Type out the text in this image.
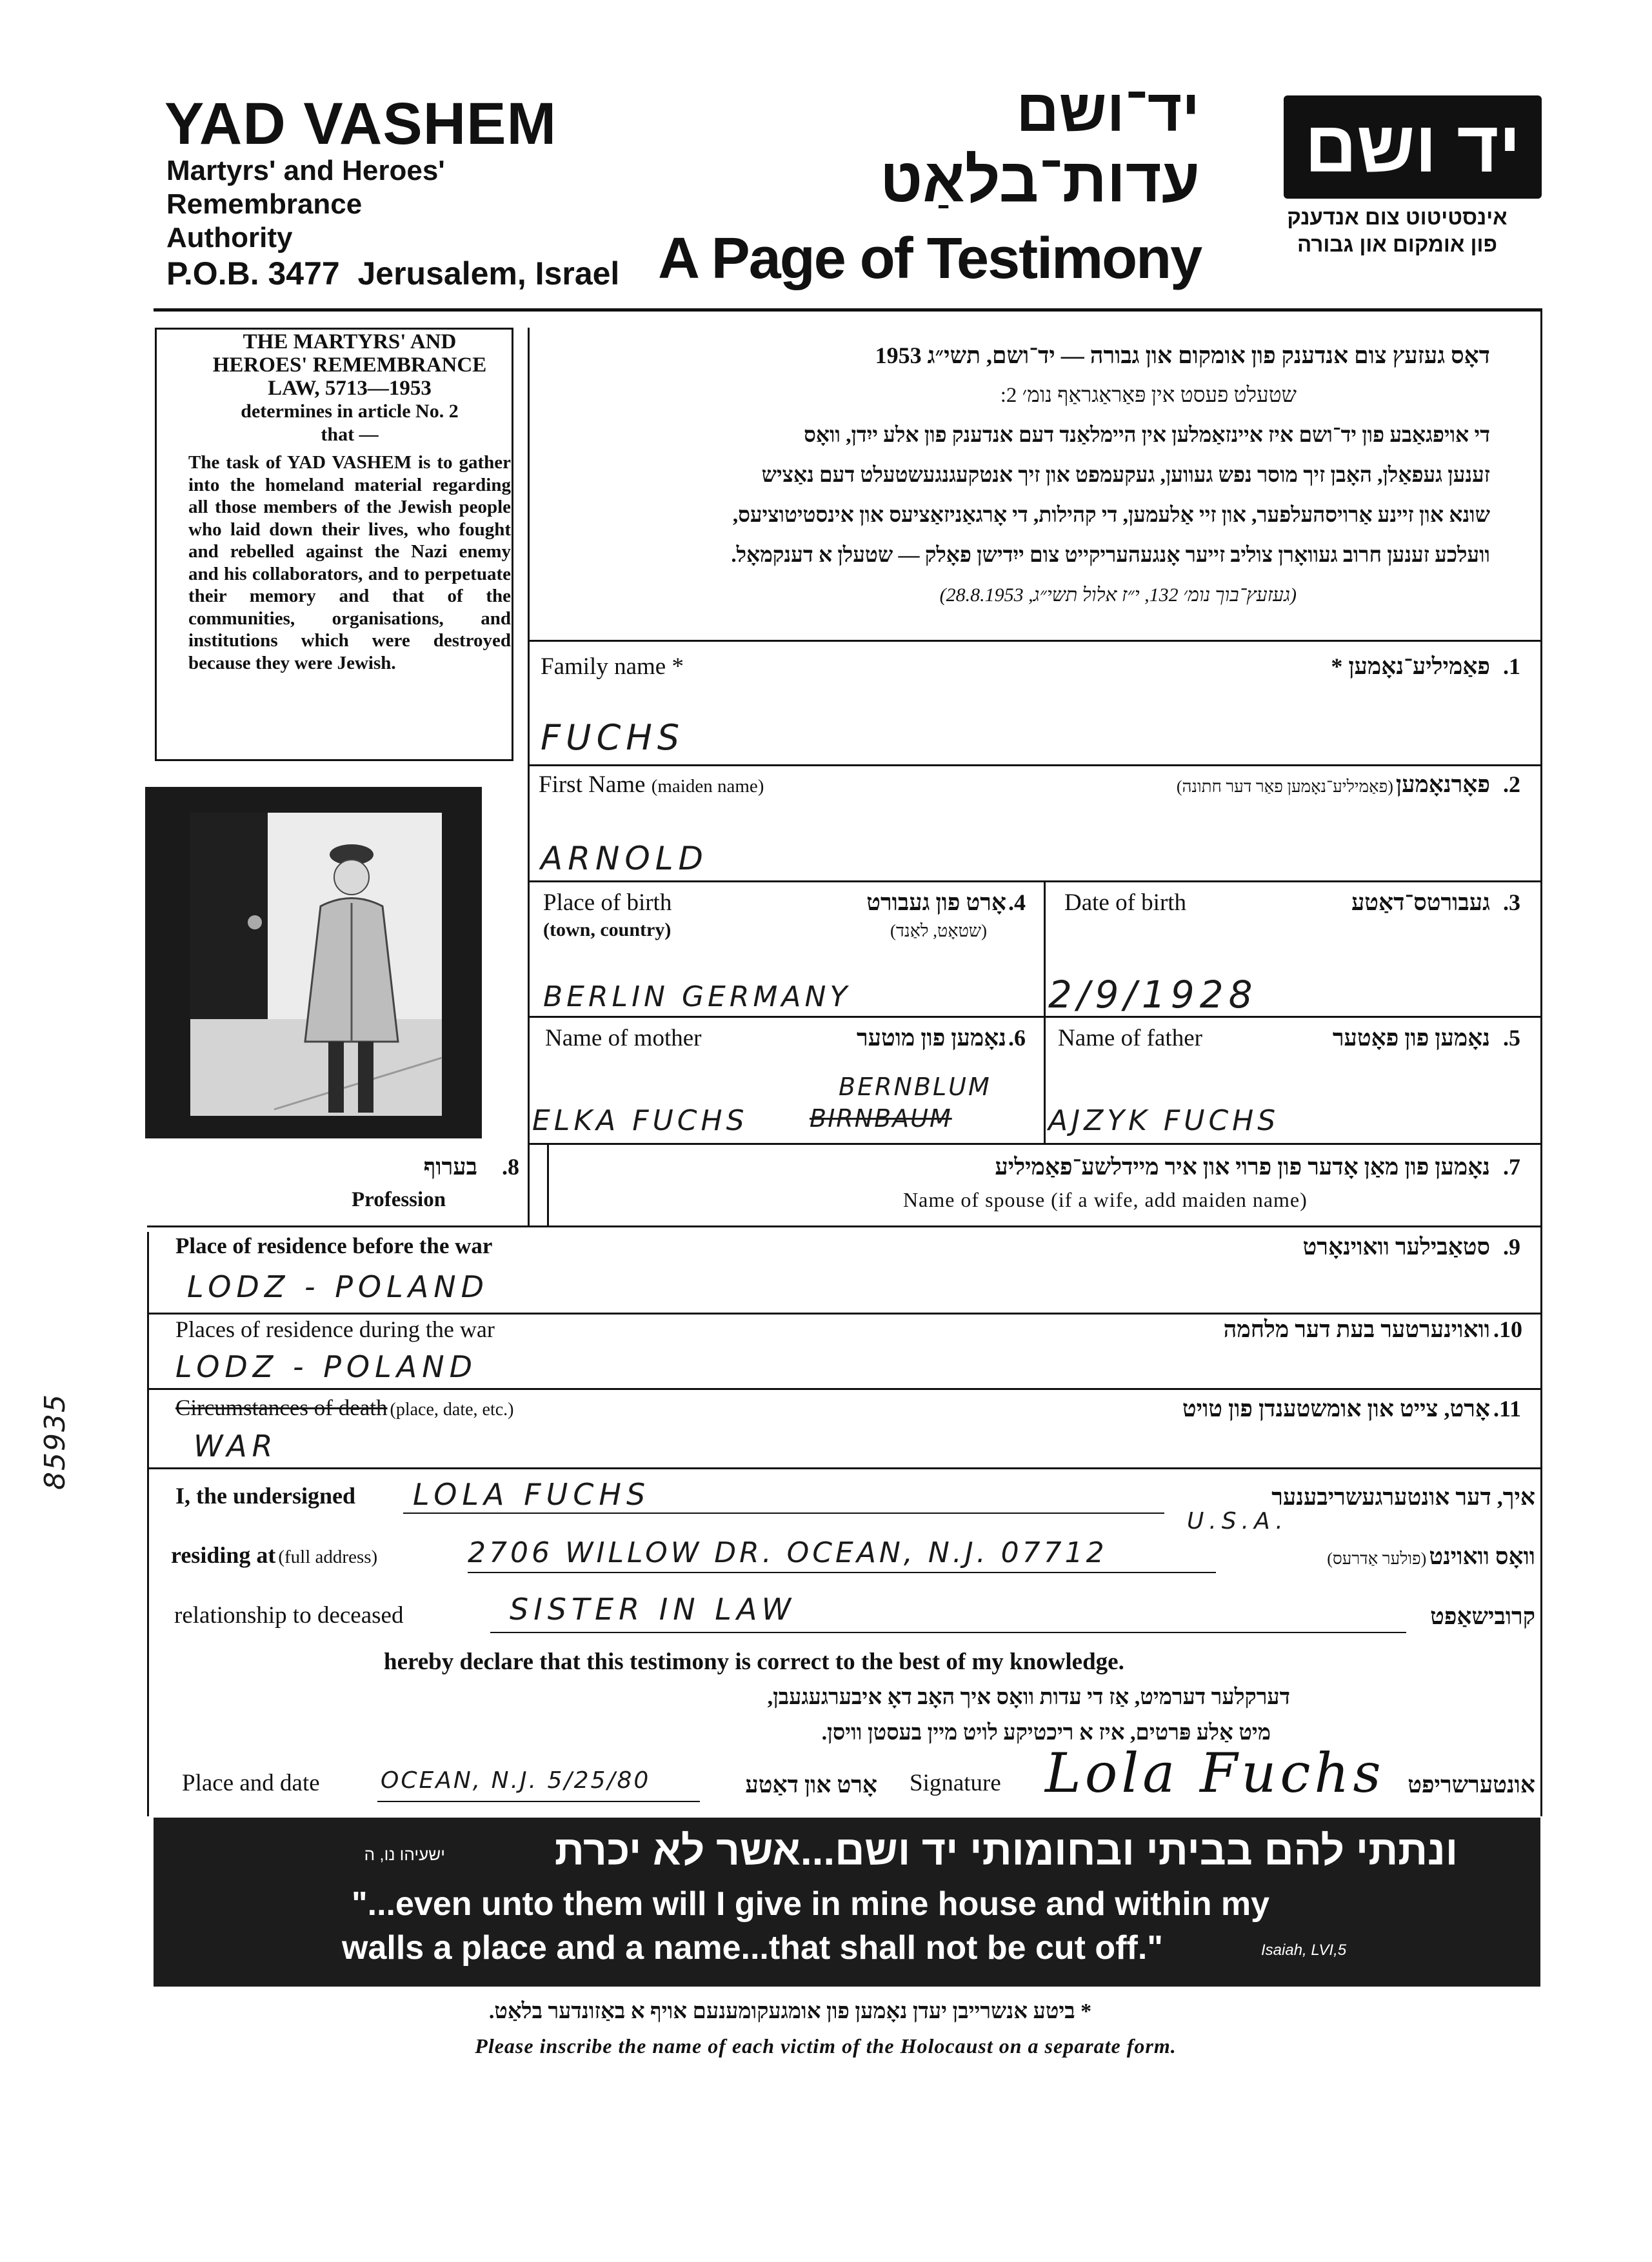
YAD VASHEM
Martyrs' and Heroes'
Remembrance
Authority
P.O.B. 3477  Jerusalem, Israel
יד־ושם
עדות־בלאַט
A Page of Testimony
יד ושם
אינסטיטוט צום אנדענק
פון אומקום און גבורה
THE MARTYRS' AND
HEROES' REMEMBRANCE
LAW, 5713—1953
determines in article No. 2
that —
The task of YAD VASHEM is to gather into the homeland material regarding all those members of the Jewish people who laid down their lives, who fought and rebelled against the Nazi enemy and his collaborators, and to perpetuate their memory and that of the communities, organisations, and institutions which were destroyed because they were Jewish.
דאָס געזעץ צום אנדענק פון אומקום און גבורה — יד־ושם, תשי״ג 1953
שטעלט פעסט אין פּאַראַגראַף נומ׳ 2:
די אויפגאַבע פון יד־ושם איז איינזאַמלען אין היימלאַנד דעם אנדענק פון אלע ייִדן, וואָס
זענען געפאַלן, האָבן זיך מוסר נפש געווען, געקעמפט און זיך אנטקעגנגעשטעלט דעם נאַציש
שונא און זיינע אַרויסהעלפער, און זיי אַלעמען, די קהילות, די אָרגאַניזאַציעס און אינסטיטוציעס,
וועלכע זענען חרוב געוואָרן צוליב זייער אָנגעהעריקייט צום ייִדישן פאָלק — שטעלן א דענקמאָל.
(געזעץ־בוך נומ׳ 132, י״ז אלול תשי״ג, 28.8.1953)
Family name *	פאַמיליע־נאָמען * .1
FUCHS
First Name (maiden name)	פאָרנאָמען (פאַמיליע־נאָמען פאַר דער חתונה)	.2
ARNOLD
Place of birth
(town, country)
אָרט פון געבורט
(שטאָט, לאַנד)
.4
BERLIN GERMANY
Date of birth	געבורטס־דאַטע .3
2/9/1928
Name of mother	נאָמען פון מוטער .6
ELKA FUCHS	BIRNBAUM
BERNBLUM
Name of father	נאָמען פון פאָטער .5
AJZYK FUCHS
בערוף .8
Profession
נאָמען פון מאַן אָדער פון פרוי און איר מיידלשע־פאַמיליע .7
Name of spouse (if a wife, add maiden name)
Place of residence before the war	סטאַבילער וואוינאָרט .9
LODZ - POLAND
Places of residence during the war	וואוינערטער בעת דער מלחמה .10
LODZ - POLAND
Circumstances of death (place, date, etc.)	אָרט, צייט און אומשטענדן פון טויט .11
WAR
85935
I, the undersigned LOLA FUCHS	איך, דער אונטערגעשריבענער
residing at (full address)	2706 WILLOW DR. OCEAN, N.J. 07712
U.S.A.
וואָס וואוינט (פולער אַדרעס)
relationship to deceased	SISTER IN LAW	קרובישאַפט
hereby declare that this testimony is correct to the best of my knowledge.
דערקלער דערמיט, אַז די עדות וואָס איך האָב דאָ איבערגעגעבן,
מיט אַלע פּרטים, איז א ריכטיקע לויט מיין בעסטן וויסן.
Place and date	OCEAN, N.J. 5/25/80	אָרט און דאַטע Signature Lola Fuchs אונטערשריפט
ונתתי להם בביתי ובחומותי יד ושם...אשר לא יכרת
ישעיהו נו, ה
"...even unto them will I give in mine house and within my
walls a place and a name...that shall not be cut off."	Isaiah, LVI,5
* ביטע אנשרייבן יעדן נאָמען פון אומגעקומענעם אויף א באַזונדער בלאַט.
Please inscribe the name of each victim of the Holocaust on a separate form.
